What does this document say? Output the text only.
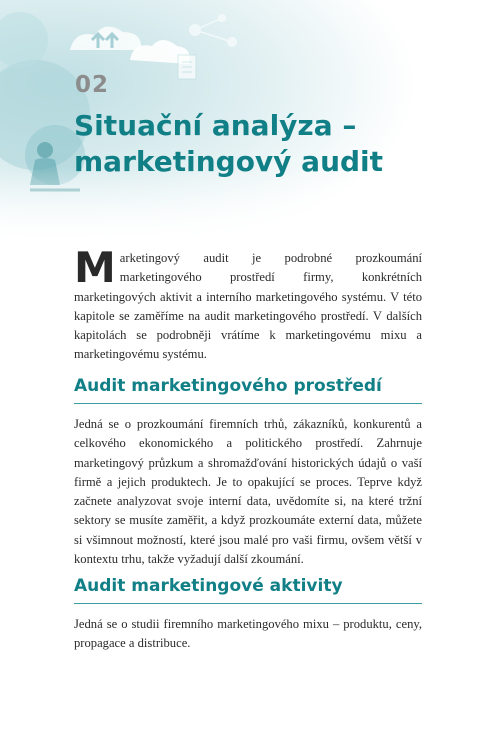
02
Situační analýza –
marketingový audit
Marketingový audit je podrobné prozkoumání marketingového prostředí firmy, konkrétních marketingových aktivit a interního marketingového systému. V této kapitole se zaměříme na audit marketingového prostředí. V dalších kapitolách se podrobněji vrátíme k marketingovému mixu a marketingovému systému.
Audit marketingového prostředí
Jedná se o prozkoumání firemních trhů, zákazníků, konkurentů a celkového ekonomického a politického prostředí. Zahrnuje marketingový průzkum a shromažďování historických údajů o vaší firmě a jejich produktech. Je to opakující se proces. Teprve když začnete analyzovat svoje interní data, uvědomíte si, na které tržní sektory se musíte zaměřit, a když prozkoumáte externí data, můžete si všimnout možností, které jsou malé pro vaši firmu, ovšem větší v kontextu trhu, takže vyžadují další zkoumání.
Audit marketingové aktivity
Jedná se o studii firemního marketingového mixu – produktu, ceny, propagace a distribuce.
